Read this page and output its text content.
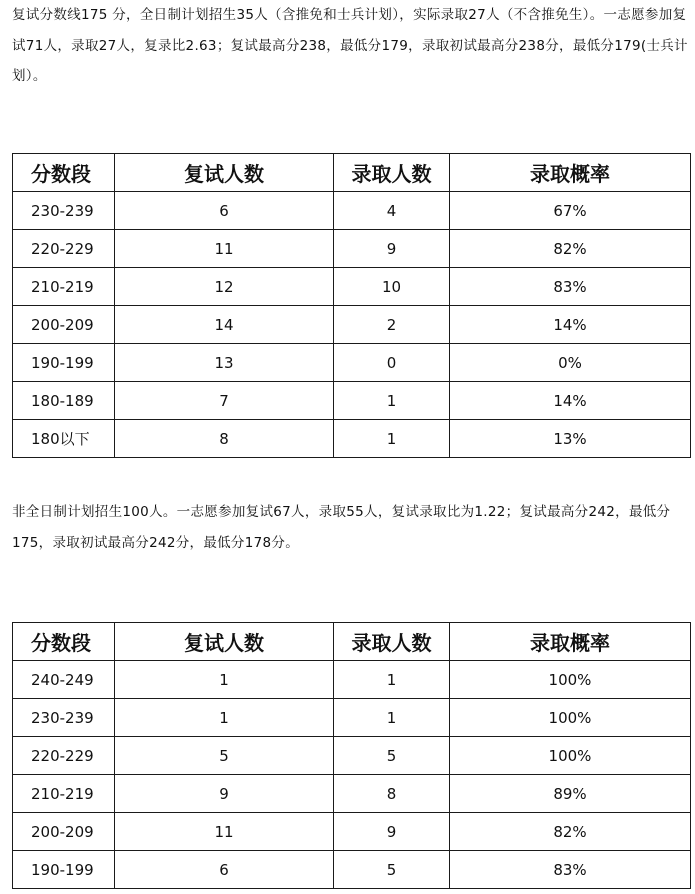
复试分数线175 分，全日制计划招生35人（含推免和士兵计划），实际录取27人（不含推免生）。一志愿参加复试71人，录取27人，复录比2.63；复试最高分238，最低分179，录取初试最高分238分，最低分179(士兵计划）。
分数段	复试人数	录取人数	录取概率
230-239	6	4	67%
220-229	11	9	82%
210-219	12	10	83%
200-209	14	2	14%
190-199	13	0	0%
180-189	7	1	14%
180以下	8	1	13%
非全日制计划招生100人。一志愿参加复试67人，录取55人，复试录取比为1.22；复试最高分242，最低分175，录取初试最高分242分，最低分178分。
分数段	复试人数	录取人数	录取概率
240-249	1	1	100%
230-239	1	1	100%
220-229	5	5	100%
210-219	9	8	89%
200-209	11	9	82%
190-199	6	5	83%
